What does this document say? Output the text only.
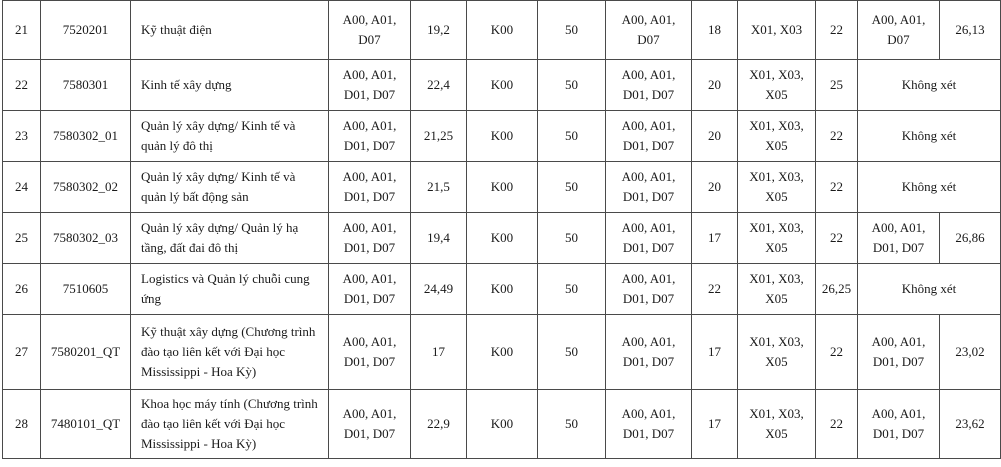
21	7520201	Kỹ thuật điện	A00, A01, D07	19,2	K00	50	A00, A01, D07	18	X01, X03	22	A00, A01, D07	26,13
22	7580301	Kinh tế xây dựng	A00, A01, D01, D07	22,4	K00	50	A00, A01, D01, D07	20	X01, X03, X05	25	Không xét	
23	7580302_01	Quản lý xây dựng/ Kinh tế và quản lý đô thị	A00, A01, D01, D07	21,25	K00	50	A00, A01, D01, D07	20	X01, X03, X05	22	Không xét	
24	7580302_02	Quản lý xây dựng/ Kinh tế và quản lý bất động sản	A00, A01, D01, D07	21,5	K00	50	A00, A01, D01, D07	20	X01, X03, X05	22	Không xét	
25	7580302_03	Quản lý xây dựng/ Quản lý hạ tầng, đất đai đô thị	A00, A01, D01, D07	19,4	K00	50	A00, A01, D01, D07	17	X01, X03, X05	22	A00, A01, D01, D07	26,86
26	7510605	Logistics và Quản lý chuỗi cung ứng	A00, A01, D01, D07	24,49	K00	50	A00, A01, D01, D07	22	X01, X03, X05	26,25	Không xét	
27	7580201_QT	Kỹ thuật xây dựng (Chương trình đào tạo liên kết với Đại học Mississippi - Hoa Kỳ)	A00, A01, D01, D07	17	K00	50	A00, A01, D01, D07	17	X01, X03, X05	22	A00, A01, D01, D07	23,02
28	7480101_QT	Khoa học máy tính (Chương trình đào tạo liên kết với Đại học Mississippi - Hoa Kỳ)	A00, A01, D01, D07	22,9	K00	50	A00, A01, D01, D07	17	X01, X03, X05	22	A00, A01, D01, D07	23,62
